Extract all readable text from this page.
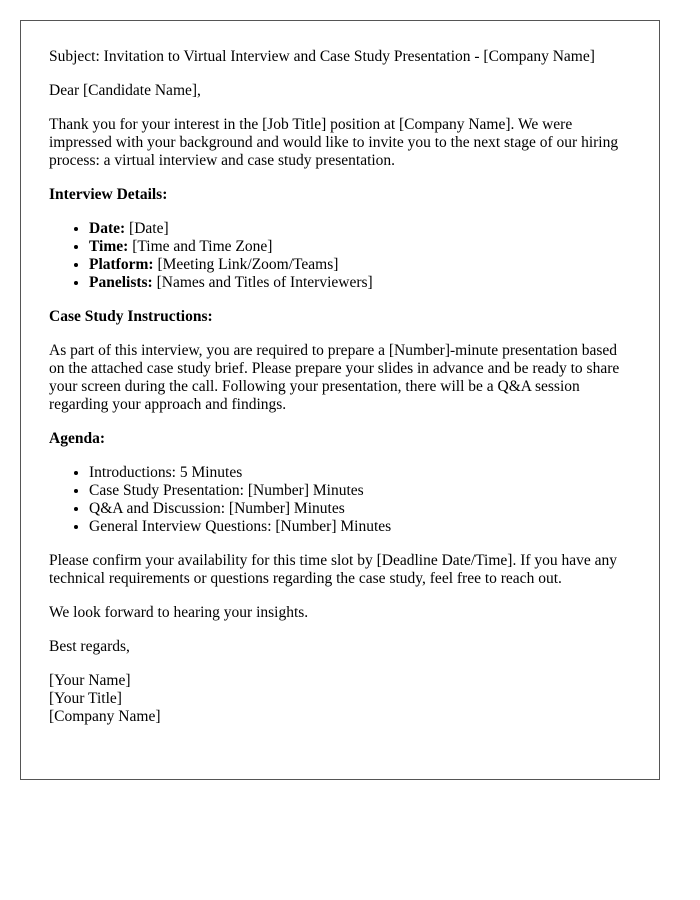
Subject: Invitation to Virtual Interview and Case Study Presentation - [Company Name]

Dear [Candidate Name],

Thank you for your interest in the [Job Title] position at [Company Name]. We were impressed with your background and would like to invite you to the next stage of our hiring process: a virtual interview and case study presentation.

Interview Details:

• Date: [Date]
• Time: [Time and Time Zone]
• Platform: [Meeting Link/Zoom/Teams]
• Panelists: [Names and Titles of Interviewers]

Case Study Instructions:

As part of this interview, you are required to prepare a [Number]-minute presentation based on the attached case study brief. Please prepare your slides in advance and be ready to share your screen during the call. Following your presentation, there will be a Q&A session regarding your approach and findings.

Agenda:

• Introductions: 5 Minutes
• Case Study Presentation: [Number] Minutes
• Q&A and Discussion: [Number] Minutes
• General Interview Questions: [Number] Minutes

Please confirm your availability for this time slot by [Deadline Date/Time]. If you have any technical requirements or questions regarding the case study, feel free to reach out.

We look forward to hearing your insights.

Best regards,

[Your Name]
[Your Title]
[Company Name]
